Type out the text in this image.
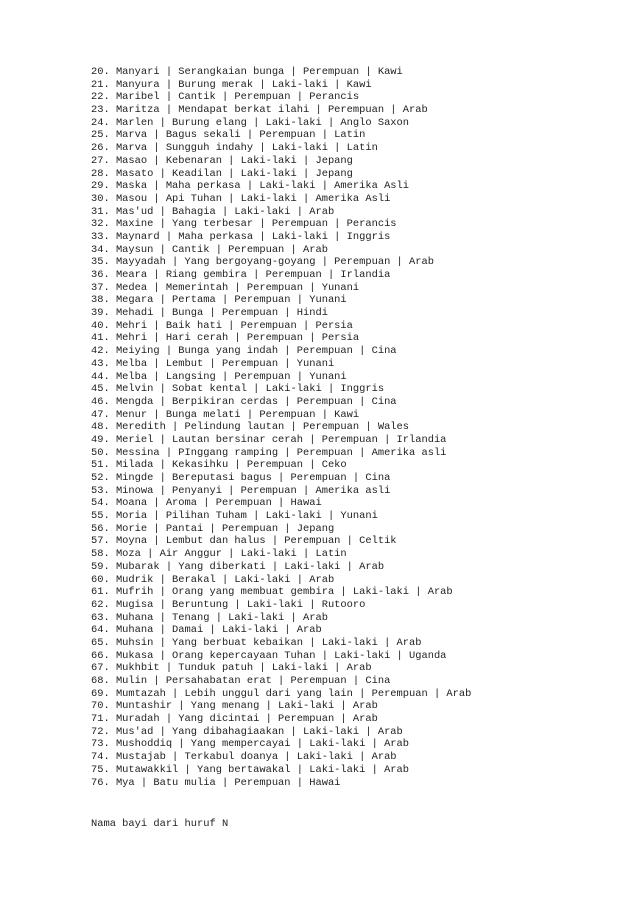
20. Manyari | Serangkaian bunga | Perempuan | Kawi
21. Manyura | Burung merak | Laki-laki | Kawi
22. Maribel | Cantik | Perempuan | Perancis
23. Maritza | Mendapat berkat ilahi | Perempuan | Arab
24. Marlen | Burung elang | Laki-laki | Anglo Saxon
25. Marva | Bagus sekali | Perempuan | Latin
26. Marva | Sungguh indahy | Laki-laki | Latin
27. Masao | Kebenaran | Laki-laki | Jepang
28. Masato | Keadilan | Laki-laki | Jepang
29. Maska | Maha perkasa | Laki-laki | Amerika Asli
30. Masou | Api Tuhan | Laki-laki | Amerika Asli
31. Mas'ud | Bahagia | Laki-laki | Arab
32. Maxine | Yang terbesar | Perempuan | Perancis
33. Maynard | Maha perkasa | Laki-laki | Inggris
34. Maysun | Cantik | Perempuan | Arab
35. Mayyadah | Yang bergoyang-goyang | Perempuan | Arab
36. Meara | Riang gembira | Perempuan | Irlandia
37. Medea | Memerintah | Perempuan | Yunani
38. Megara | Pertama | Perempuan | Yunani
39. Mehadi | Bunga | Perempuan | Hindi
40. Mehri | Baik hati | Perempuan | Persia
41. Mehri | Hari cerah | Perempuan | Persia
42. Meiying | Bunga yang indah | Perempuan | Cina
43. Melba | Lembut | Perempuan | Yunani
44. Melba | Langsing | Perempuan | Yunani
45. Melvin | Sobat kental | Laki-laki | Inggris
46. Mengda | Berpikiran cerdas | Perempuan | Cina
47. Menur | Bunga melati | Perempuan | Kawi
48. Meredith | Pelindung lautan | Perempuan | Wales
49. Meriel | Lautan bersinar cerah | Perempuan | Irlandia
50. Messina | PInggang ramping | Perempuan | Amerika asli
51. Milada | Kekasihku | Perempuan | Ceko
52. Mingde | Bereputasi bagus | Perempuan | Cina
53. Minowa | Penyanyi | Perempuan | Amerika asli
54. Moana | Aroma | Perempuan | Hawai
55. Moria | Pilihan Tuham | Laki-laki | Yunani
56. Morie | Pantai | Perempuan | Jepang
57. Moyna | Lembut dan halus | Perempuan | Celtik
58. Moza | Air Anggur | Laki-laki | Latin
59. Mubarak | Yang diberkati | Laki-laki | Arab
60. Mudrik | Berakal | Laki-laki | Arab
61. Mufrih | Orang yang membuat gembira | Laki-laki | Arab
62. Mugisa | Beruntung | Laki-laki | Rutooro
63. Muhana | Tenang | Laki-laki | Arab
64. Muhana | Damai | Laki-laki | Arab
65. Muhsin | Yang berbuat kebaikan | Laki-laki | Arab
66. Mukasa | Orang kepercayaan Tuhan | Laki-laki | Uganda
67. Mukhbit | Tunduk patuh | Laki-laki | Arab
68. Mulin | Persahabatan erat | Perempuan | Cina
69. Mumtazah | Lebih unggul dari yang lain | Perempuan | Arab
70. Muntashir | Yang menang | Laki-laki | Arab
71. Muradah | Yang dicintai | Perempuan | Arab
72. Mus'ad | Yang dibahagiaakan | Laki-laki | Arab
73. Mushoddiq | Yang mempercayai | Laki-laki | Arab
74. Mustajab | Terkabul doanya | Laki-laki | Arab
75. Mutawakkil | Yang bertawakal | Laki-laki | Arab
76. Mya | Batu mulia | Perempuan | Hawai
Nama bayi dari huruf N
